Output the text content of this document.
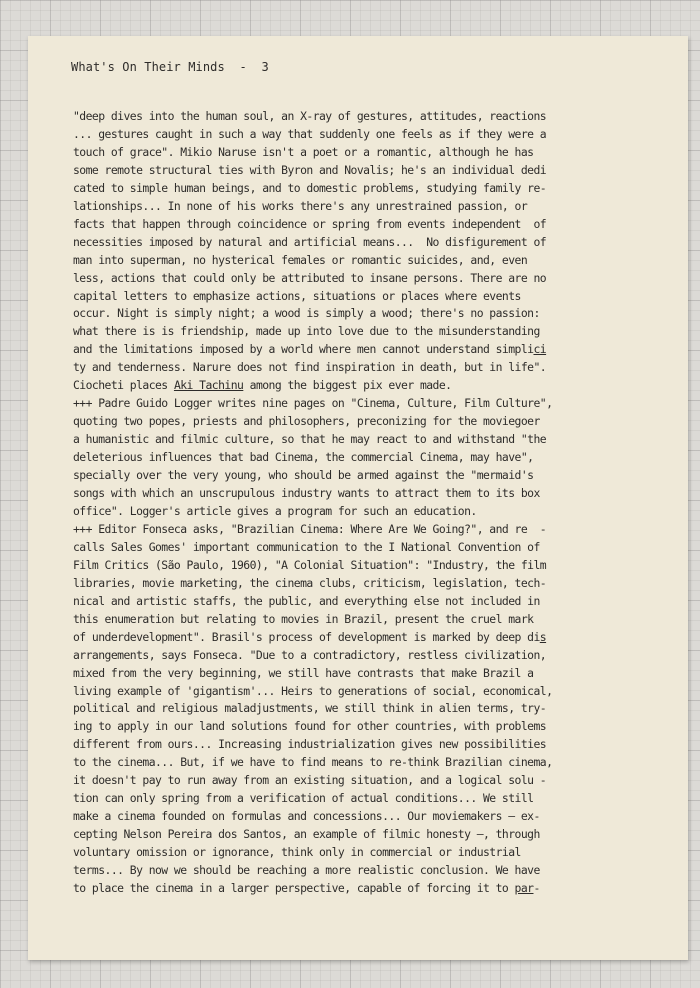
What's On Their Minds - 3
"deep dives into the human soul, an X-ray of gestures, attitudes, reactions
... gestures caught in such a way that suddenly one feels as if they were a
touch of grace". Mikio Naruse isn't a poet or a romantic, although he has
some remote structural ties with Byron and Novalis; he's an individual dedi
cated to simple human beings, and to domestic problems, studying family re-
lationships... In none of his works there's any unrestrained passion, or
facts that happen through coincidence or spring from events independent  of
necessities imposed by natural and artificial means...  No disfigurement of
man into superman, no hysterical females or romantic suicides, and, even
less, actions that could only be attributed to insane persons. There are no
capital letters to emphasize actions, situations or places where events
occur. Night is simply night; a wood is simply a wood; there's no passion:
what there is is friendship, made up into love due to the misunderstanding
and the limitations imposed by a world where men cannot understand simplici
ty and tenderness. Narure does not find inspiration in death, but in life".
Ciocheti places Aki Tachinu among the biggest pix ever made.
+++ Padre Guido Logger writes nine pages on "Cinema, Culture, Film Culture",
quoting two popes, priests and philosophers, preconizing for the moviegoer
a humanistic and filmic culture, so that he may react to and withstand "the
deleterious influences that bad Cinema, the commercial Cinema, may have",
specially over the very young, who should be armed against the "mermaid's
songs with which an unscrupulous industry wants to attract them to its box
office". Logger's article gives a program for such an education.
+++ Editor Fonseca asks, "Brazilian Cinema: Where Are We Going?", and re  -
calls Sales Gomes' important communication to the I National Convention of
Film Critics (São Paulo, 1960), "A Colonial Situation": "Industry, the film
libraries, movie marketing, the cinema clubs, criticism, legislation, tech-
nical and artistic staffs, the public, and everything else not included in
this enumeration but relating to movies in Brazil, present the cruel mark
of underdevelopment". Brasil's process of development is marked by deep dis
arrangements, says Fonseca. "Due to a contradictory, restless civilization,
mixed from the very beginning, we still have contrasts that make Brazil a
living example of 'gigantism'... Heirs to generations of social, economical,
political and religious maladjustments, we still think in alien terms, try-
ing to apply in our land solutions found for other countries, with problems
different from ours... Increasing industrialization gives new possibilities
to the cinema... But, if we have to find means to re-think Brazilian cinema,
it doesn't pay to run away from an existing situation, and a logical solu -
tion can only spring from a verification of actual conditions... We still
make a cinema founded on formulas and concessions... Our moviemakers — ex-
cepting Nelson Pereira dos Santos, an example of filmic honesty —, through
voluntary omission or ignorance, think only in commercial or industrial
terms... By now we should be reaching a more realistic conclusion. We have
to place the cinema in a larger perspective, capable of forcing it to par-
